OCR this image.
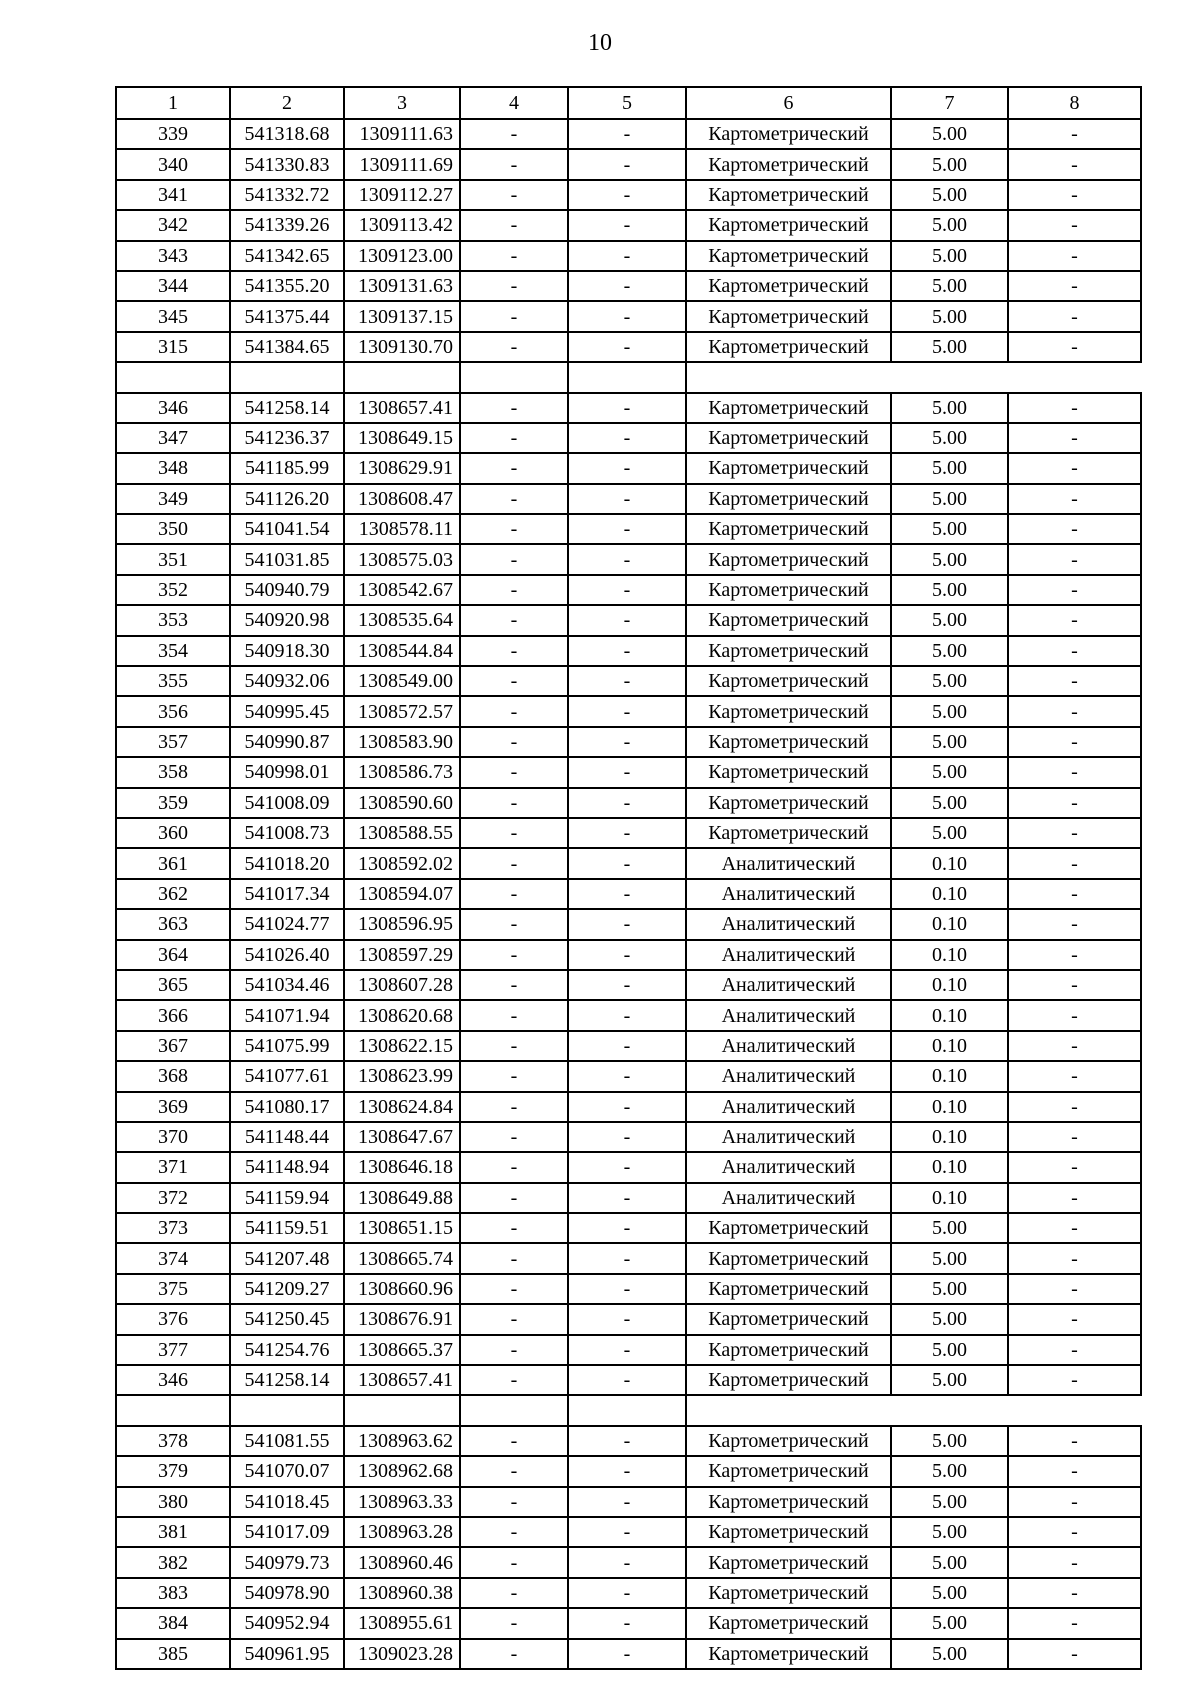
10
1	2	3	4	5	6	7	8
339	541318.68	1309111.63	-	-	Картометрический	5.00	-
340	541330.83	1309111.69	-	-	Картометрический	5.00	-
341	541332.72	1309112.27	-	-	Картометрический	5.00	-
342	541339.26	1309113.42	-	-	Картометрический	5.00	-
343	541342.65	1309123.00	-	-	Картометрический	5.00	-
344	541355.20	1309131.63	-	-	Картометрический	5.00	-
345	541375.44	1309137.15	-	-	Картометрический	5.00	-
315	541384.65	1309130.70	-	-	Картометрический	5.00	-

346	541258.14	1308657.41	-	-	Картометрический	5.00	-
347	541236.37	1308649.15	-	-	Картометрический	5.00	-
348	541185.99	1308629.91	-	-	Картометрический	5.00	-
349	541126.20	1308608.47	-	-	Картометрический	5.00	-
350	541041.54	1308578.11	-	-	Картометрический	5.00	-
351	541031.85	1308575.03	-	-	Картометрический	5.00	-
352	540940.79	1308542.67	-	-	Картометрический	5.00	-
353	540920.98	1308535.64	-	-	Картометрический	5.00	-
354	540918.30	1308544.84	-	-	Картометрический	5.00	-
355	540932.06	1308549.00	-	-	Картометрический	5.00	-
356	540995.45	1308572.57	-	-	Картометрический	5.00	-
357	540990.87	1308583.90	-	-	Картометрический	5.00	-
358	540998.01	1308586.73	-	-	Картометрический	5.00	-
359	541008.09	1308590.60	-	-	Картометрический	5.00	-
360	541008.73	1308588.55	-	-	Картометрический	5.00	-
361	541018.20	1308592.02	-	-	Аналитический	0.10	-
362	541017.34	1308594.07	-	-	Аналитический	0.10	-
363	541024.77	1308596.95	-	-	Аналитический	0.10	-
364	541026.40	1308597.29	-	-	Аналитический	0.10	-
365	541034.46	1308607.28	-	-	Аналитический	0.10	-
366	541071.94	1308620.68	-	-	Аналитический	0.10	-
367	541075.99	1308622.15	-	-	Аналитический	0.10	-
368	541077.61	1308623.99	-	-	Аналитический	0.10	-
369	541080.17	1308624.84	-	-	Аналитический	0.10	-
370	541148.44	1308647.67	-	-	Аналитический	0.10	-
371	541148.94	1308646.18	-	-	Аналитический	0.10	-
372	541159.94	1308649.88	-	-	Аналитический	0.10	-
373	541159.51	1308651.15	-	-	Картометрический	5.00	-
374	541207.48	1308665.74	-	-	Картометрический	5.00	-
375	541209.27	1308660.96	-	-	Картометрический	5.00	-
376	541250.45	1308676.91	-	-	Картометрический	5.00	-
377	541254.76	1308665.37	-	-	Картометрический	5.00	-
346	541258.14	1308657.41	-	-	Картометрический	5.00	-

378	541081.55	1308963.62	-	-	Картометрический	5.00	-
379	541070.07	1308962.68	-	-	Картометрический	5.00	-
380	541018.45	1308963.33	-	-	Картометрический	5.00	-
381	541017.09	1308963.28	-	-	Картометрический	5.00	-
382	540979.73	1308960.46	-	-	Картометрический	5.00	-
383	540978.90	1308960.38	-	-	Картометрический	5.00	-
384	540952.94	1308955.61	-	-	Картометрический	5.00	-
385	540961.95	1309023.28	-	-	Картометрический	5.00	-
